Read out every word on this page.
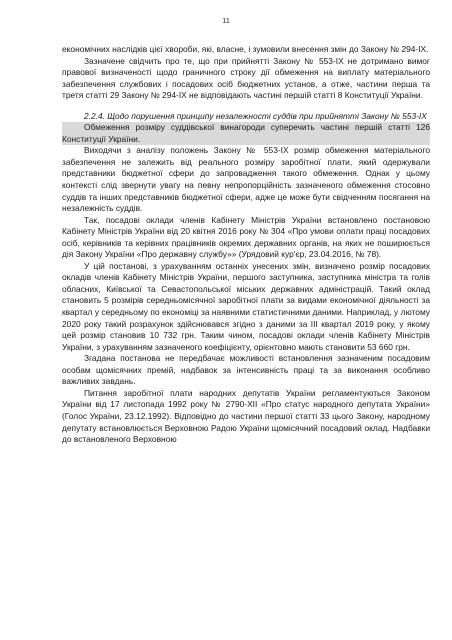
11

економічних наслідків цієї хвороби, які, власне, і зумовили внесення змін до Закону № 294-IX.

Зазначене свідчить про те, що при прийнятті Закону № 553-IX не дотримано вимог правової визначеності щодо граничного строку дії обмеження на виплату матеріального забезпечення службових і посадових осіб бюджетних установ, а отже, частини перша та третя статті 29 Закону № 294-IX не відповідають частині першій статті 8 Конституції України.

2.2.4. Щодо порушення принципу незалежності суддів при прийнятті Закону № 553-IX

Обмеження розміру суддівської винагороди суперечить частині першій статті 126 Конституції України.

Виходячи з аналізу положень Закону № 553-IX розмір обмеження матеріального забезпечення не залежить від реального розміру заробітної плати, який одержували представники бюджетної сфери до запровадження такого обмеження. Однак у цьому контексті слід звернути увагу на певну непропорційність зазначеного обмеження стосовно суддів та інших представників бюджетної сфери, адже це може бути свідченням посягання на незалежність суддів.

Так, посадові оклади членів Кабінету Міністрів України встановлено постановою Кабінету Міністрів України від 20 квітня 2016 року № 304 «Про умови оплати праці посадових осіб, керівників та керівних працівників окремих державних органів, на яких не поширюється дія Закону України «Про державну службу»» (Урядовий кур'єр, 23.04.2016, № 78).

У цій постанові, з урахуванням останніх унесених змін, визначено розмір посадових окладів членів Кабінету Міністрів України, першого заступника, заступника міністра та голів обласних, Київської та Севастопольської міських державних адміністрацій. Такий оклад становить 5 розмірів середньомісячної заробітної плати за видами економічної діяльності за квартал у середньому по економіці за наявними статистичними даними. Наприклад, у лютому 2020 року такий розрахунок здійснювався згідно з даними за III квартал 2019 року, у якому цей розмір становив 10 732 грн. Таким чином, посадові оклади членів Кабінету Міністрів України, з урахуванням зазначеного коефіцієнту, орієнтовно мають становити 53 660 грн.

Згадана постанова не передбачає можливості встановлення зазначеним посадовим особам щомісячних премій, надбавок за інтенсивність праці та за виконання особливо важливих завдань.

Питання заробітної плати народних депутатів України регламентуються Законом України від 17 листопада 1992 року № 2790-XII «Про статус народного депутата України» (Голос України, 23.12.1992). Відповідно до частини першої статті 33 цього Закону, народному депутату встановлюється Верховною Радою України щомісячний посадовий оклад. Надбавки до встановленого Верховною
